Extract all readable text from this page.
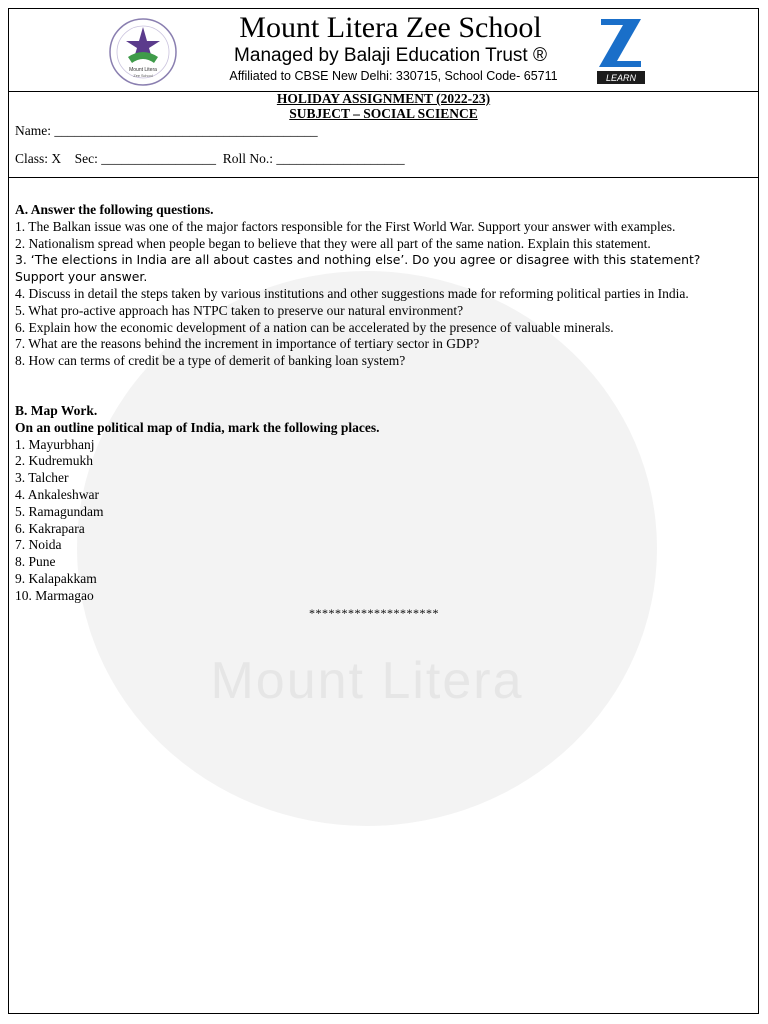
Mount Litera
Mount Litera
Zee School
Mount Litera Zee School
Managed by Balaji Education Trust ®
Affiliated to CBSE New Delhi: 330715, School Code- 65711	LEARN
HOLIDAY ASSIGNMENT (2022-23)
SUBJECT – SOCIAL SCIENCE
Name: _______________________________________
Class: X    Sec: _________________  Roll No.: ___________________
A. Answer the following questions.

1. The Balkan issue was one of the major factors responsible for the First World War. Support your answer with examples.

2. Nationalism spread when people began to believe that they were all part of the same nation. Explain this statement.

3. ‘The elections in India are all about castes and nothing else’. Do you agree or disagree with this statement? Support your answer.

4. Discuss in detail the steps taken by various institutions and other suggestions made for reforming political parties in India.

5. What pro-active approach has NTPC taken to preserve our natural environment?

6. Explain how the economic development of a nation can be accelerated by the presence of valuable minerals.

7. What are the reasons behind the increment in importance of tertiary sector in GDP?

8. How can terms of credit be a type of demerit of banking loan system?

B. Map Work.
On an outline political map of India, mark the following places.

1. Mayurbhanj

2. Kudremukh

3. Talcher

4. Ankaleshwar

5. Ramagundam

6. Kakrapara

7. Noida

8. Pune

9. Kalapakkam

10. Marmagao

********************
